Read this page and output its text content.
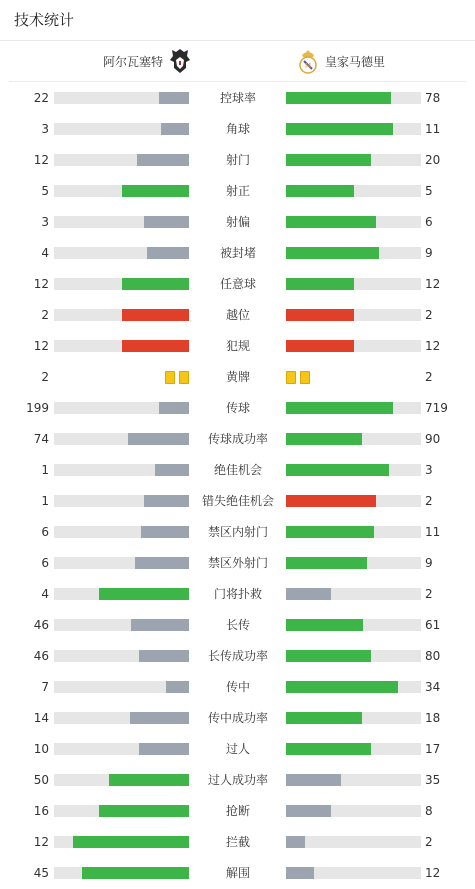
技术统计
阿尔瓦塞特	M 皇家马德里
22	控球率	78
3	角球	11
12	射门	20
5	射正	5
3	射偏	6
4	被封堵	9
12	任意球	12
2	越位	2
12	犯规	12
2	黄牌	2
199	传球	719
74	传球成功率	90
1	绝佳机会	3
1	错失绝佳机会	2
6	禁区内射门	11
6	禁区外射门	9
4	门将扑救	2
46	长传	61
46	长传成功率	80
7	传中	34
14	传中成功率	18
10	过人	17
50	过人成功率	35
16	抢断	8
12	拦截	2
45	解围	12
